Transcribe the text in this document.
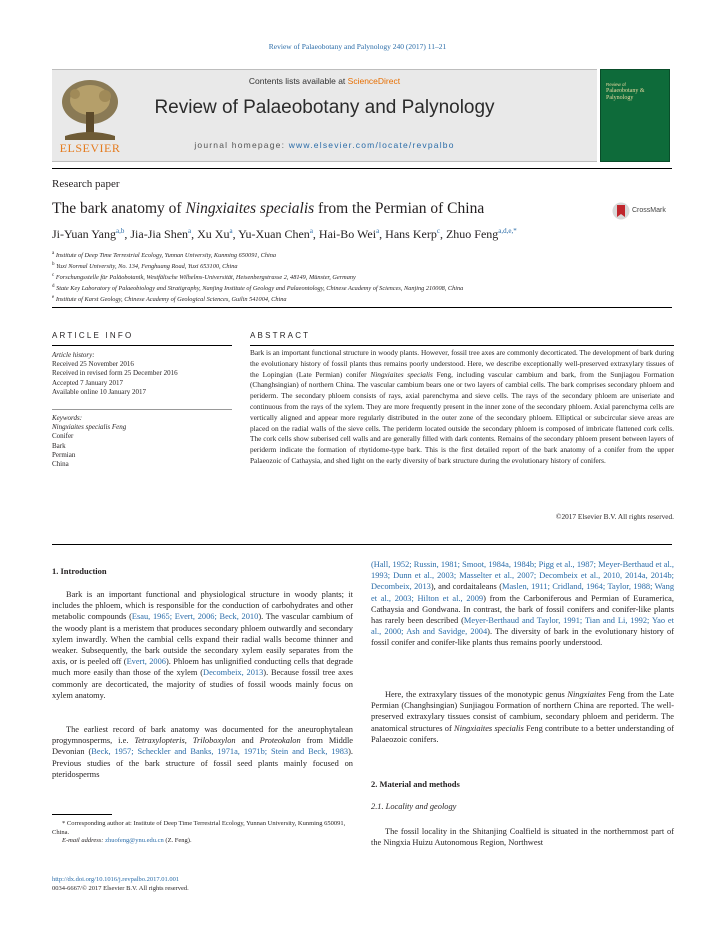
Review of Palaeobotany and Palynology 240 (2017) 11–21
ELSEVIER
Contents lists available at ScienceDirect
Review of Palaeobotany and Palynology
journal homepage: www.elsevier.com/locate/revpalbo
Review of
Palaeobotany & Palynology
Research paper
The bark anatomy of Ningxiaites specialis from the Permian of China	CrossMark
Ji-Yuan Yang$^{a,b}$, Jia-Jia Shen$^a$, Xu Xu$^a$, Yu-Xuan Chen$^a$, Hai-Bo Wei$^a$, Hans Kerp$^c$, Zhuo Feng$^{a,d,e,*}$
$^a$ Institute of Deep Time Terrestrial Ecology, Yunnan University, Kunming 650091, China
$^b$ Yuxi Normal University, No. 134, Fenghuang Road, Yuxi 653100, China
$^c$ Forschungsstelle für Paläobotanik, Westfälische Wilhelms-Universität, Heisenbergstrasse 2, 48149, Münster, Germany
$^d$ State Key Laboratory of Palaeobiology and Stratigraphy, Nanjing Institute of Geology and Palaeontology, Chinese Academy of Sciences, Nanjing 210008, China
$^e$ Institute of Karst Geology, Chinese Academy of Geological Sciences, Guilin 541004, China
ARTICLE INFO
Article history:
Received 25 November 2016
Received in revised form 25 December 2016
Accepted 7 January 2017
Available online 10 January 2017
Keywords:
Ningxiaites specialis Feng
Conifer
Bark
Permian
China
ABSTRACT
Bark is an important functional structure in woody plants. However, fossil tree axes are commonly decorticated. The development of bark during the evolutionary history of fossil plants thus remains poorly understood. Here, we describe exceptionally well-preserved extraxylary tissues of the Lopingian (Late Permian) conifer Ningxiaites specialis Feng, including vascular cambium and bark, from the Sunjiagou Formation (Changhsingian) of northern China. The vascular cambium bears one or two layers of cambial cells. The bark comprises secondary phloem and periderm. The secondary phloem consists of rays, axial parenchyma and sieve cells. The rays of the secondary phloem are uniseriate and continuous from the rays of the xylem. They are more frequently present in the inner zone of the secondary phloem. Axial parenchyma cells are vertically aligned and appear more regularly distributed in the outer zone of the secondary phloem. Elliptical or subcircular sieve areas are placed on the radial walls of the sieve cells. The periderm located outside the secondary phloem is composed of imbricate flattened cork cells. The cork cells show suberised cell walls and are generally filled with dark contents. Remains of the secondary phloem present between layers of periderm indicate the formation of rhytidome-type bark. This is the first detailed report of the bark anatomy of a conifer from the upper Palaeozoic of Cathaysia, and shed light on the early diversity of bark structure during the evolutionary history of conifers.
©2017 Elsevier B.V. All rights reserved.
1. Introduction
Bark is an important functional and physiological structure in woody plants; it includes the phloem, which is responsible for the conduction of carbohydrates and other metabolic compounds (Esau, 1965; Evert, 2006; Beck, 2010). The vascular cambium of the woody plant is a meristem that produces secondary phloem outwardly and secondary xylem inwardly. When the cambial cells expand their radial walls become thinner and weaker. Subsequently, the bark outside the secondary xylem easily separates from the axis, or is peeled off (Evert, 2006). Phloem has unlignified conducting cells that degrade much more easily than those of the xylem (Decombeix, 2013). Because fossil tree axes commonly are decorticated, the majority of studies of fossil woods mainly focus on xylem anatomy.
The earliest record of bark anatomy was documented for the aneurophytalean progymnosperms, i.e. Tetraxylopteris, Triloboxylon and Proteokalon from Middle Devonian (Beck, 1957; Scheckler and Banks, 1971a, 1971b; Stein and Beck, 1983). Previous studies of the bark structure of fossil seed plants mainly focused on pteridosperms
* Corresponding author at: Institute of Deep Time Terrestrial Ecology, Yunnan University, Kunming 650091, China.
E-mail address: zhuofeng@ynu.edu.cn (Z. Feng).
http://dx.doi.org/10.1016/j.revpalbo.2017.01.001
0034-6667/© 2017 Elsevier B.V. All rights reserved.
(Hall, 1952; Russin, 1981; Smoot, 1984a, 1984b; Pigg et al., 1987; Meyer-Berthaud et al., 1993; Dunn et al., 2003; Masselter et al., 2007; Decombeix et al., 2010, 2014a, 2014b; Decombeix, 2013), and cordaitaleans (Maslen, 1911; Cridland, 1964; Taylor, 1988; Wang et al., 2003; Hilton et al., 2009) from the Carboniferous and Permian of Euramerica, Cathaysia and Gondwana. In contrast, the bark of fossil conifers and conifer-like plants has rarely been described (Meyer-Berthaud and Taylor, 1991; Tian and Li, 1992; Yao et al., 2000; Ash and Savidge, 2004). The diversity of bark in the evolutionary history of fossil conifer and conifer-like plants thus remains poorly understood.
Here, the extraxylary tissues of the monotypic genus Ningxiaites Feng from the Late Permian (Changhsingian) Sunjiagou Formation of northern China are reported. The well-preserved extraxylary tissues consist of cambium, secondary phloem and periderm. The anatomical structures of Ningxiaites specialis Feng contribute to a better understanding of Palaeozoic conifers.
2. Material and methods
2.1. Locality and geology
The fossil locality in the Shitanjing Coalfield is situated in the northernmost part of the Ningxia Huizu Autonomous Region, Northwest
